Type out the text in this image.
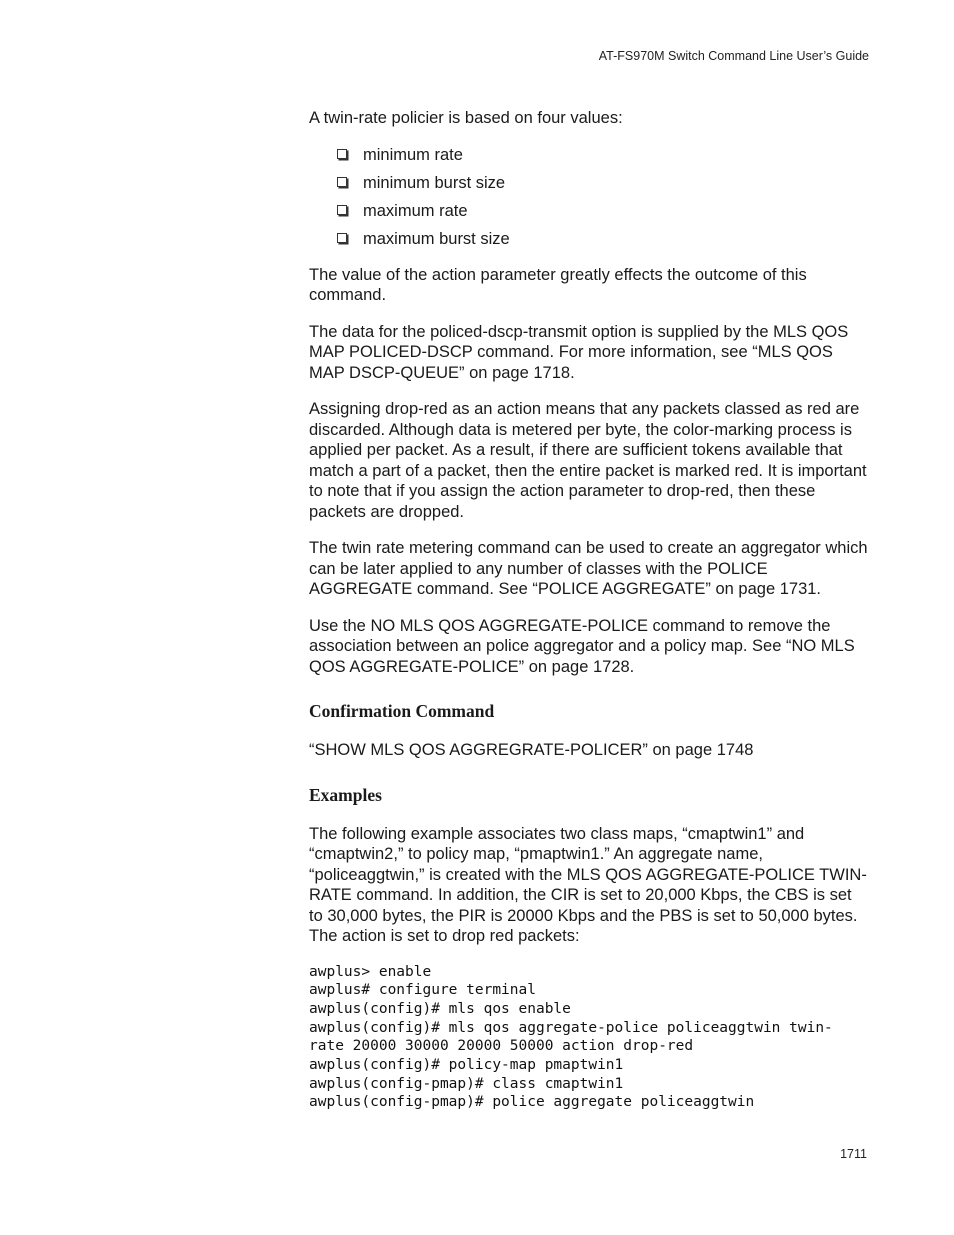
AT-FS970M Switch Command Line User’s Guide

A twin-rate policier is based on four values:

minimum rate
minimum burst size
maximum rate
maximum burst size

The value of the action parameter greatly effects the outcome of this command.

The data for the policed-dscp-transmit option is supplied by the MLS QOS MAP POLICED-DSCP command. For more information, see “MLS QOS MAP DSCP-QUEUE” on page 1718.

Assigning drop-red as an action means that any packets classed as red are discarded. Although data is metered per byte, the color-marking process is applied per packet. As a result, if there are sufficient tokens available that match a part of a packet, then the entire packet is marked red. It is important to note that if you assign the action parameter to drop-red, then these packets are dropped.

The twin rate metering command can be used to create an aggregator which can be later applied to any number of classes with the POLICE AGGREGATE command. See “POLICE AGGREGATE” on page 1731.

Use the NO MLS QOS AGGREGATE-POLICE command to remove the association between an police aggregator and a policy map. See “NO MLS QOS AGGREGATE-POLICE” on page 1728.

Confirmation Command

“SHOW MLS QOS AGGREGRATE-POLICER” on page 1748

Examples

The following example associates two class maps, “cmaptwin1” and “cmaptwin2,” to policy map, “pmaptwin1.” An aggregate name, “policeaggtwin,” is created with the MLS QOS AGGREGATE-POLICE TWIN-RATE command. In addition, the CIR is set to 20,000 Kbps, the CBS is set to 30,000 bytes, the PIR is 20000 Kbps and the PBS is set to 50,000 bytes. The action is set to drop red packets:

awplus> enable
awplus# configure terminal
awplus(config)# mls qos enable
awplus(config)# mls qos aggregate-police policeaggtwin twin-
rate 20000 30000 20000 50000 action drop-red
awplus(config)# policy-map pmaptwin1
awplus(config-pmap)# class cmaptwin1
awplus(config-pmap)# police aggregate policeaggtwin
1711
